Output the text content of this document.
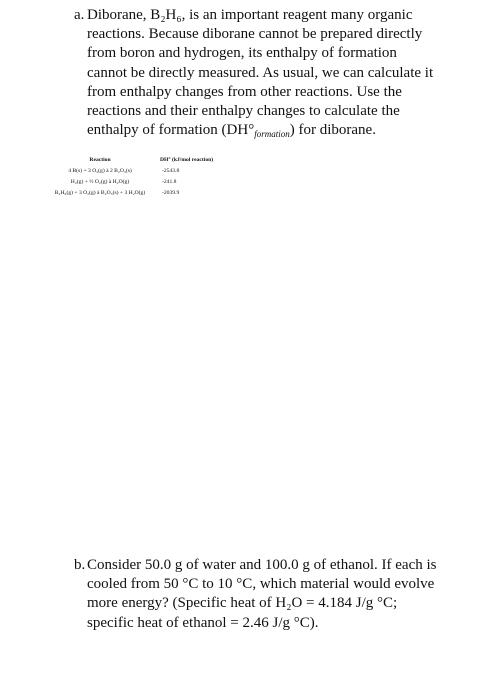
a. Diborane, B₂H₆, is an important reagent many organic
reactions. Because diborane cannot be prepared directly
from boron and hydrogen, its enthalpy of formation
cannot be directly measured. As usual, we can calculate it
from enthalpy changes from other reactions. Use the
reactions and their enthalpy changes to calculate the
enthalpy of formation $(DH^\circ_{formation})$ for diborane.
Reaction	DH° (kJ/mol reaction)
4 B(s) + 3 O₂(g) à 2 B₂O₃(s)	-2543.8
H₂(g) + ½ O₂(g) à H₂O(g)	-241.8
B₂H₆(g) + 3 O₂(g) à B₂O₃(s) + 3 H₂O(g)	-2039.9
b. Consider 50.0 g of water and 100.0 g of ethanol. If each is
cooled from 50 °C to 10 °C, which material would evolve
more energy? (Specific heat of H₂O = 4.184 J/g °C;
specific heat of ethanol = 2.46 J/g °C).
